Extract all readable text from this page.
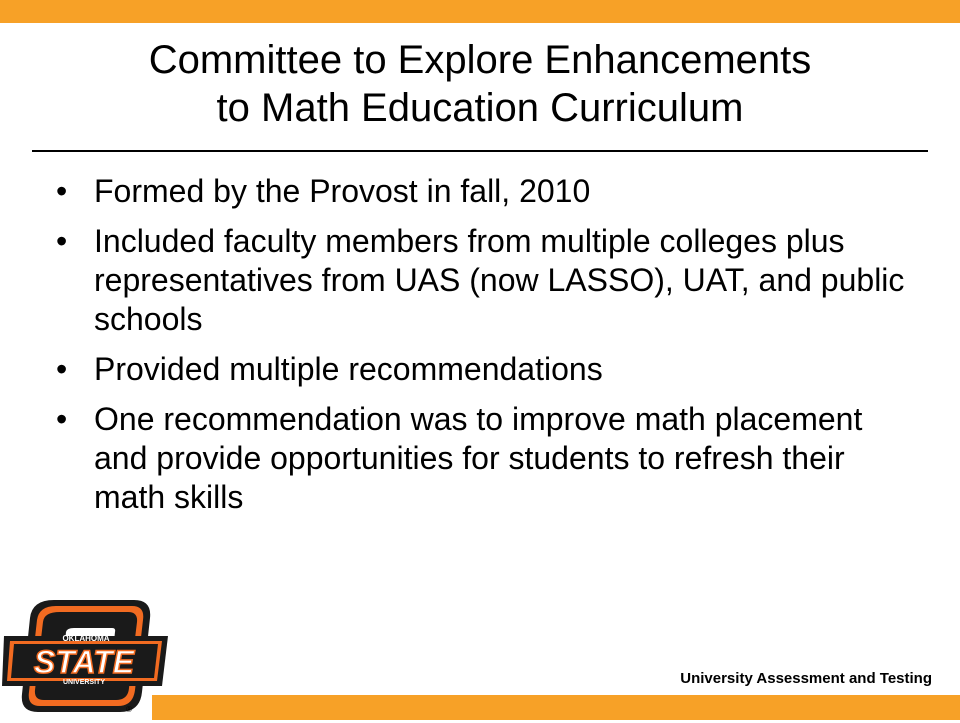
Committee to Explore Enhancements
to Math Education Curriculum
• Formed by the Provost in fall, 2010
• Included faculty members from multiple colleges plus representatives from UAS (now LASSO), UAT, and public schools
• Provided multiple recommendations
• One recommendation was to improve math placement and provide opportunities for students to refresh their math skills
OKLAHOMA
STATE
UNIVERSITY
®
University Assessment and Testing
